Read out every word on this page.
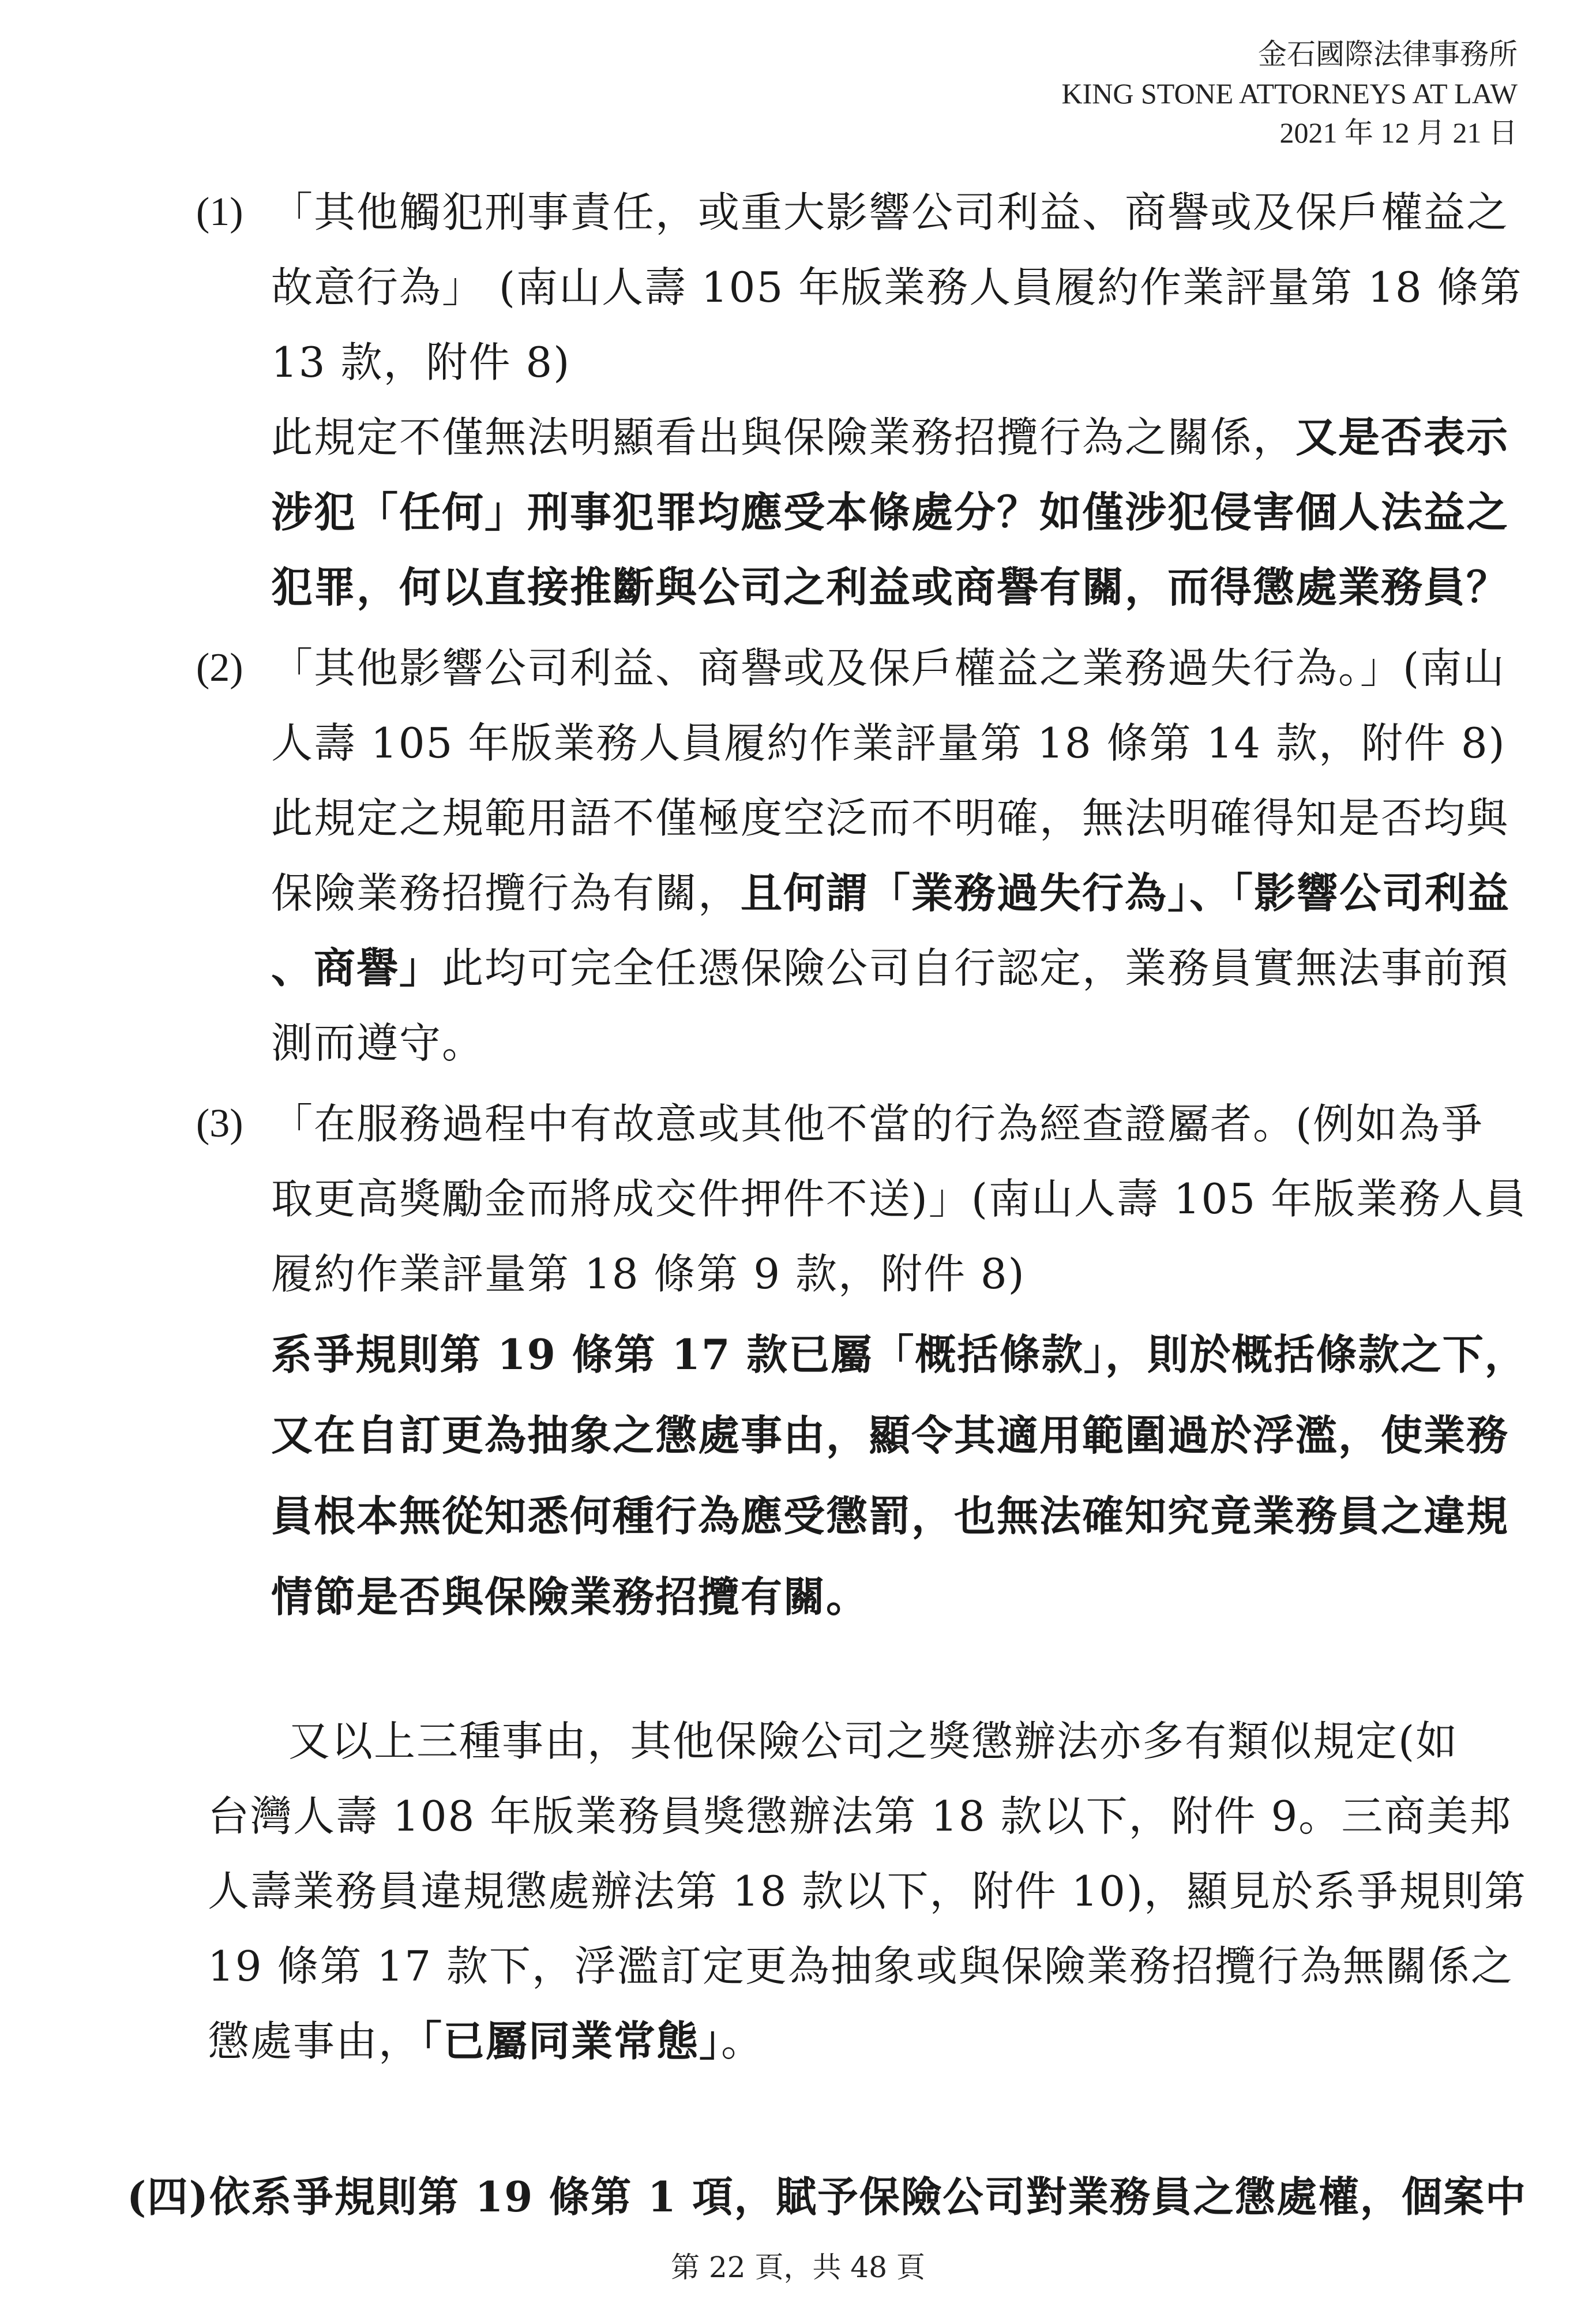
金石國際法律事務所
KING STONE ATTORNEYS AT LAW
2021 年 12 月 21 日
(1) 「其他觸犯刑事責任，或重大影響公司利益、商譽或及保戶權益之
故意行為」 (南山人壽 105 年版業務人員履約作業評量第 18 條第
13 款，附件 8)
此規定不僅無法明顯看出與保險業務招攬行為之關係，又是否表示
涉犯「任何」刑事犯罪均應受本條處分？如僅涉犯侵害個人法益之
犯罪，何以直接推斷與公司之利益或商譽有關，而得懲處業務員？
(2) 「其他影響公司利益、商譽或及保戶權益之業務過失行為。」(南山
人壽 105 年版業務人員履約作業評量第 18 條第 14 款，附件 8)
此規定之規範用語不僅極度空泛而不明確，無法明確得知是否均與
保險業務招攬行為有關，且何謂「業務過失行為」、「影響公司利益
、商譽」此均可完全任憑保險公司自行認定，業務員實無法事前預
測而遵守。
(3) 「在服務過程中有故意或其他不當的行為經查證屬者。(例如為爭
取更高獎勵金而將成交件押件不送)」(南山人壽 105 年版業務人員
履約作業評量第 18 條第 9 款，附件 8)
系爭規則第 19 條第 17 款已屬「概括條款」，則於概括條款之下，
又在自訂更為抽象之懲處事由，顯令其適用範圍過於浮濫，使業務
員根本無從知悉何種行為應受懲罰，也無法確知究竟業務員之違規
情節是否與保險業務招攬有關。
又以上三種事由，其他保險公司之獎懲辦法亦多有類似規定(如
台灣人壽 108 年版業務員獎懲辦法第 18 款以下，附件 9。三商美邦
人壽業務員違規懲處辦法第 18 款以下，附件 10)，顯見於系爭規則第
19 條第 17 款下，浮濫訂定更為抽象或與保險業務招攬行為無關係之
懲處事由，「已屬同業常態」。
(四)依系爭規則第 19 條第 1 項，賦予保險公司對業務員之懲處權，個案中
第 22 頁，共 48 頁
